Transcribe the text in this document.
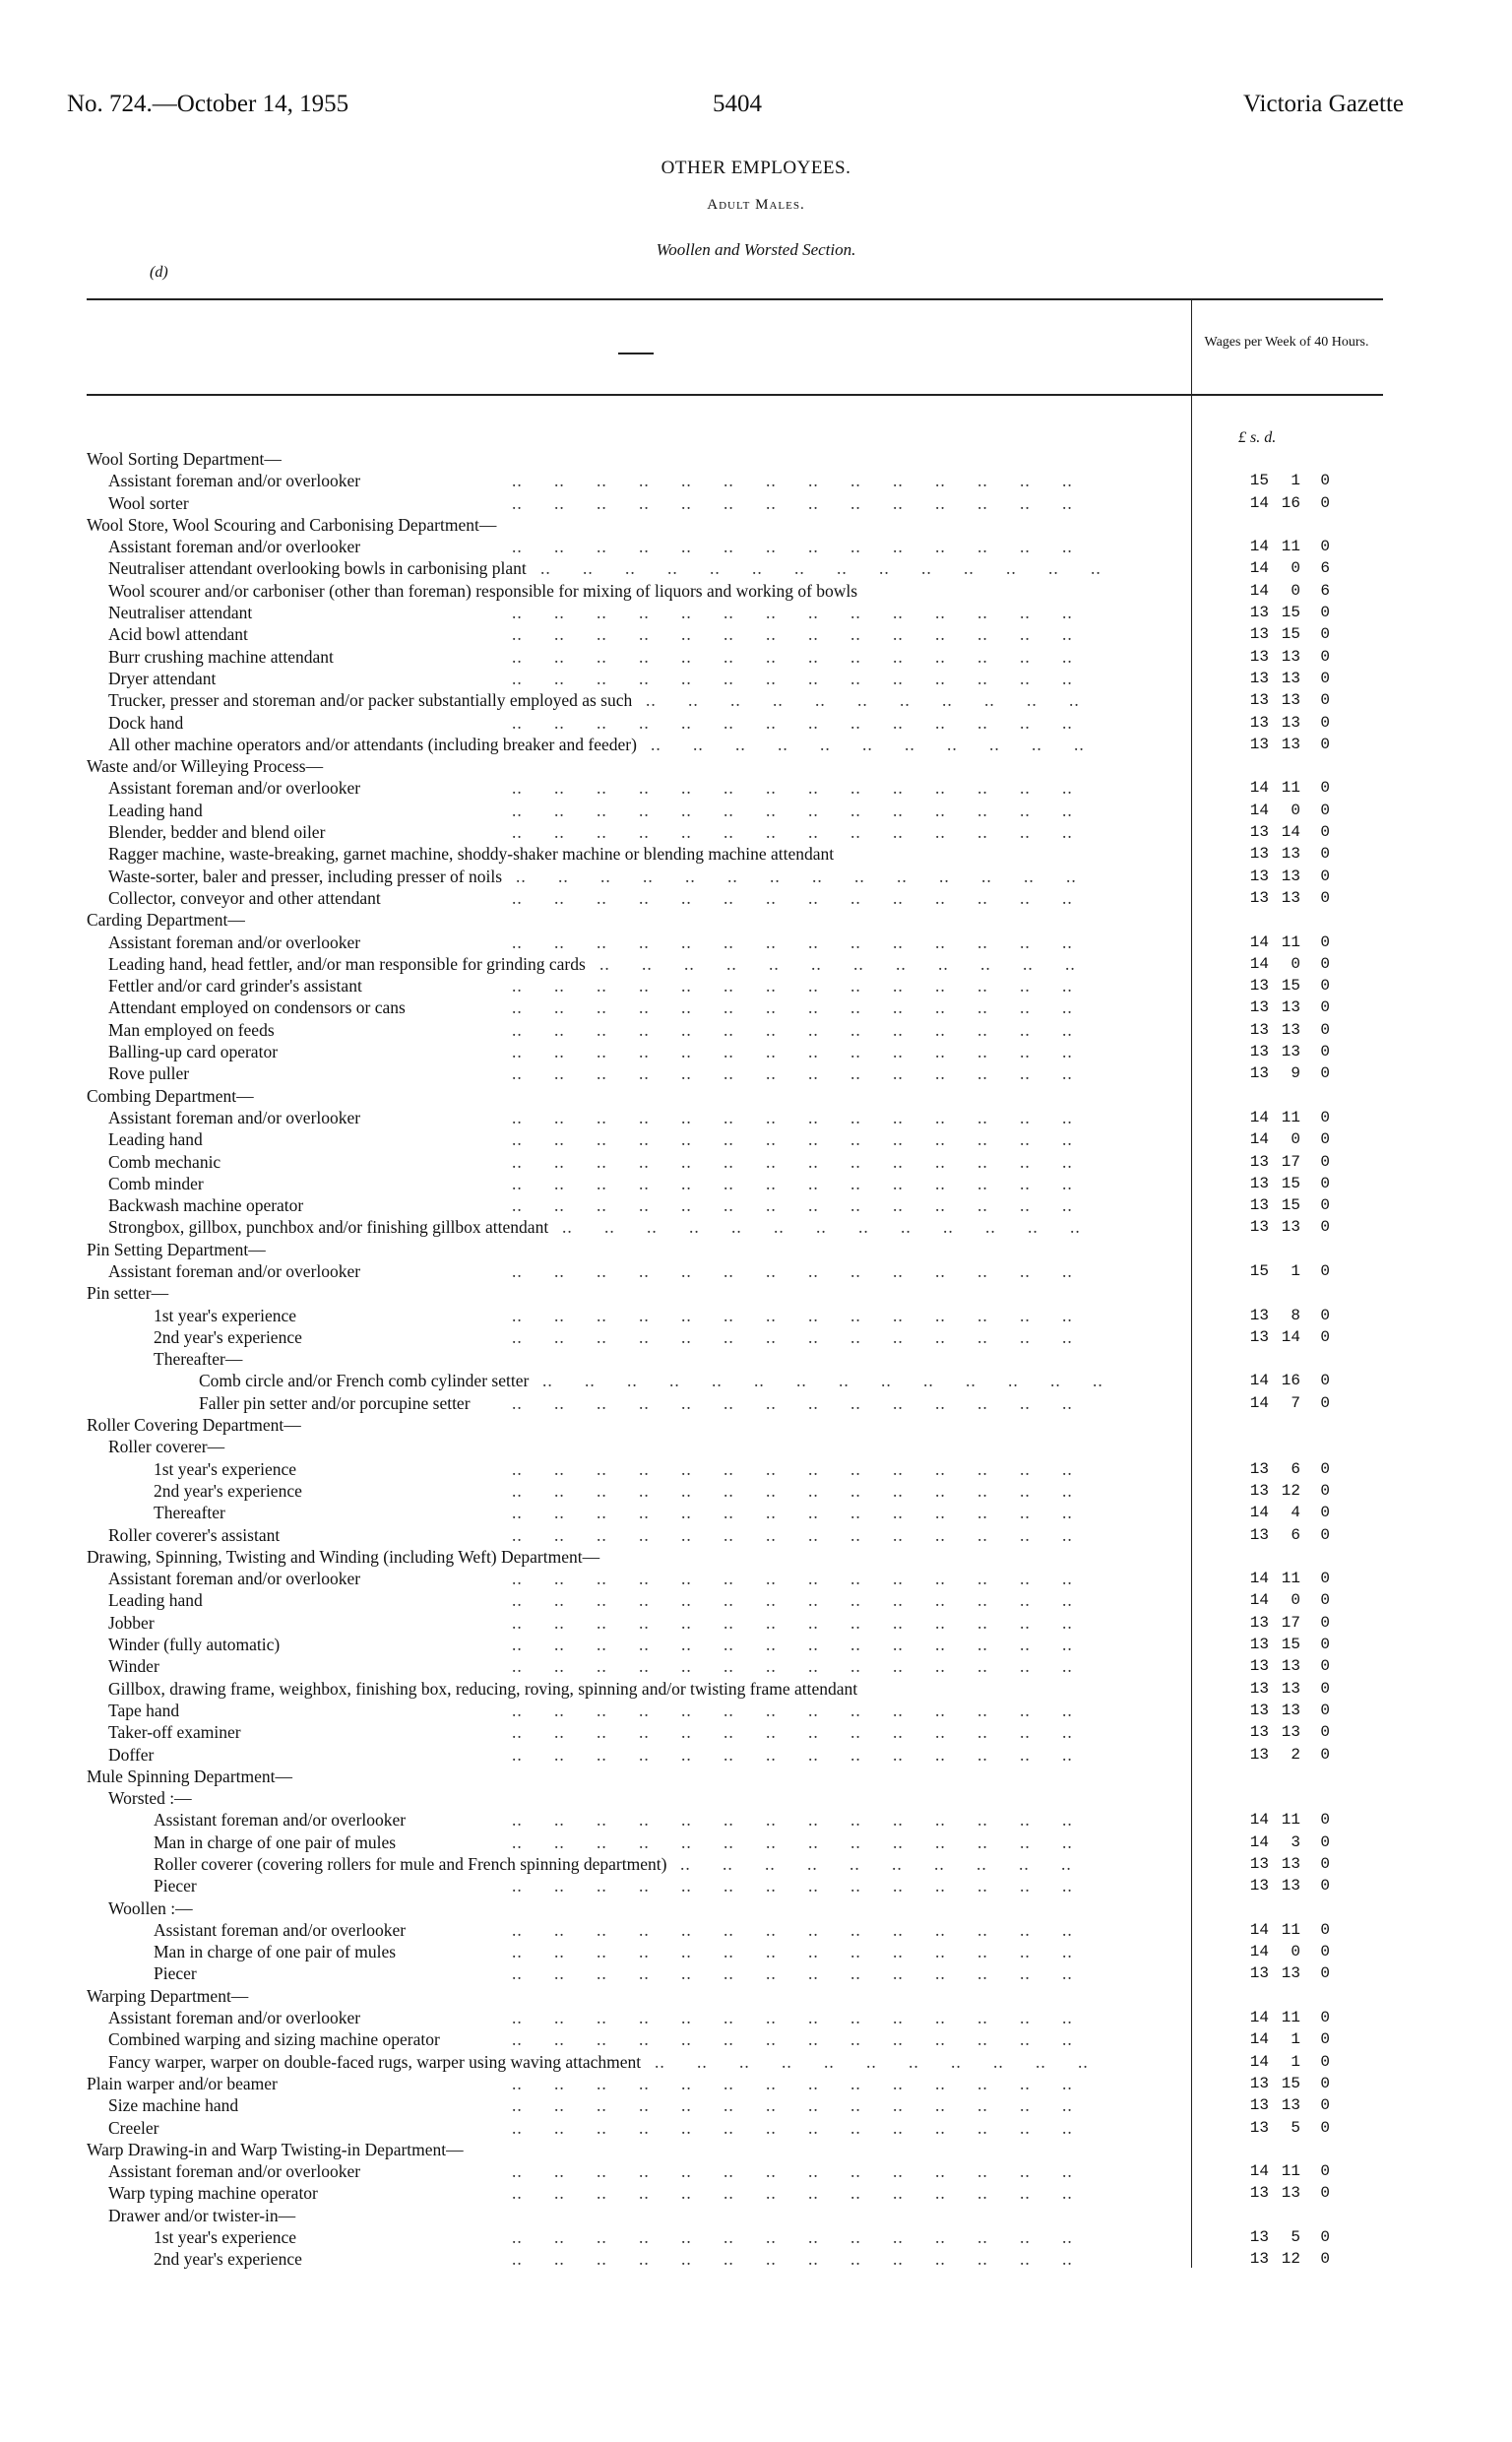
No. 724.—October 14, 1955	5404	Victoria Gazette
OTHER EMPLOYEES.
Adult Males.
Woollen and Worsted Section.
(d)
Wages per Week of 40 Hours.
£ s. d.
Wool Sorting Department—
Assistant foreman and/or overlooker	..      ..      ..      ..      ..      ..      ..      ..      ..      ..      ..      ..      ..      ..	15 1 0
Wool sorter	..      ..      ..      ..      ..      ..      ..      ..      ..      ..      ..      ..      ..      ..	14 16 0
Wool Store, Wool Scouring and Carbonising Department—
Assistant foreman and/or overlooker	..      ..      ..      ..      ..      ..      ..      ..      ..      ..      ..      ..      ..      ..	14 11 0
Neutraliser attendant overlooking bowls in carbonising plant ..      ..      ..      ..      ..      ..      ..      ..      ..      ..      ..      ..      ..      ..	14 0 6
Wool scourer and/or carboniser (other than foreman) responsible for mixing of liquors and working of bowls	14 0 6
Neutraliser attendant	..      ..      ..      ..      ..      ..      ..      ..      ..      ..      ..      ..      ..      ..	13 15 0
Acid bowl attendant	..      ..      ..      ..      ..      ..      ..      ..      ..      ..      ..      ..      ..      ..	13 15 0
Burr crushing machine attendant	..      ..      ..      ..      ..      ..      ..      ..      ..      ..      ..      ..      ..      ..	13 13 0
Dryer attendant	..      ..      ..      ..      ..      ..      ..      ..      ..      ..      ..      ..      ..      ..	13 13 0
Trucker, presser and storeman and/or packer substantially employed as such ..      ..      ..      ..      ..      ..      ..      ..      ..      ..      ..	13 13 0
Dock hand	..      ..      ..      ..      ..      ..      ..      ..      ..      ..      ..      ..      ..      ..	13 13 0
All other machine operators and/or attendants (including breaker and feeder) ..      ..      ..      ..      ..      ..      ..      ..      ..      ..      ..	13 13 0
Waste and/or Willeying Process—
Assistant foreman and/or overlooker	..      ..      ..      ..      ..      ..      ..      ..      ..      ..      ..      ..      ..      ..	14 11 0
Leading hand	..      ..      ..      ..      ..      ..      ..      ..      ..      ..      ..      ..      ..      ..	14 0 0
Blender, bedder and blend oiler	..      ..      ..      ..      ..      ..      ..      ..      ..      ..      ..      ..      ..      ..	13 14 0
Ragger machine, waste-breaking, garnet machine, shoddy-shaker machine or blending machine attendant	13 13 0
Waste-sorter, baler and presser, including presser of noils ..      ..      ..      ..      ..      ..      ..      ..      ..      ..      ..      ..      ..      ..	13 13 0
Collector, conveyor and other attendant	..      ..      ..      ..      ..      ..      ..      ..      ..      ..      ..      ..      ..      ..	13 13 0
Carding Department—
Assistant foreman and/or overlooker	..      ..      ..      ..      ..      ..      ..      ..      ..      ..      ..      ..      ..      ..	14 11 0
Leading hand, head fettler, and/or man responsible for grinding cards ..      ..      ..      ..      ..      ..      ..      ..      ..      ..      ..      ..	14 0 0
Fettler and/or card grinder's assistant	..      ..      ..      ..      ..      ..      ..      ..      ..      ..      ..      ..      ..      ..	13 15 0
Attendant employed on condensors or cans	..      ..      ..      ..      ..      ..      ..      ..      ..      ..      ..      ..      ..      ..	13 13 0
Man employed on feeds	..      ..      ..      ..      ..      ..      ..      ..      ..      ..      ..      ..      ..      ..	13 13 0
Balling-up card operator	..      ..      ..      ..      ..      ..      ..      ..      ..      ..      ..      ..      ..      ..	13 13 0
Rove puller	..      ..      ..      ..      ..      ..      ..      ..      ..      ..      ..      ..      ..      ..	13 9 0
Combing Department—
Assistant foreman and/or overlooker	..      ..      ..      ..      ..      ..      ..      ..      ..      ..      ..      ..      ..      ..	14 11 0
Leading hand	..      ..      ..      ..      ..      ..      ..      ..      ..      ..      ..      ..      ..      ..	14 0 0
Comb mechanic	..      ..      ..      ..      ..      ..      ..      ..      ..      ..      ..      ..      ..      ..	13 17 0
Comb minder	..      ..      ..      ..      ..      ..      ..      ..      ..      ..      ..      ..      ..      ..	13 15 0
Backwash machine operator	..      ..      ..      ..      ..      ..      ..      ..      ..      ..      ..      ..      ..      ..	13 15 0
Strongbox, gillbox, punchbox and/or finishing gillbox attendant ..      ..      ..      ..      ..      ..      ..      ..      ..      ..      ..      ..      ..	13 13 0
Pin Setting Department—
Assistant foreman and/or overlooker	..      ..      ..      ..      ..      ..      ..      ..      ..      ..      ..      ..      ..      ..	15 1 0
Pin setter—
1st year's experience	..      ..      ..      ..      ..      ..      ..      ..      ..      ..      ..      ..      ..      ..	13 8 0
2nd year's experience	..      ..      ..      ..      ..      ..      ..      ..      ..      ..      ..      ..      ..      ..	13 14 0
Thereafter—
Comb circle and/or French comb cylinder setter ..      ..      ..      ..      ..      ..      ..      ..      ..      ..      ..      ..      ..      ..	14 16 0
Faller pin setter and/or porcupine setter ..      ..      ..      ..      ..      ..      ..      ..      ..      ..      ..      ..      ..      ..	14 7 0
Roller Covering Department—
Roller coverer—
1st year's experience	..      ..      ..      ..      ..      ..      ..      ..      ..      ..      ..      ..      ..      ..	13 6 0
2nd year's experience	..      ..      ..      ..      ..      ..      ..      ..      ..      ..      ..      ..      ..      ..	13 12 0
Thereafter	..      ..      ..      ..      ..      ..      ..      ..      ..      ..      ..      ..      ..      ..	14 4 0
Roller coverer's assistant	..      ..      ..      ..      ..      ..      ..      ..      ..      ..      ..      ..      ..      ..	13 6 0
Drawing, Spinning, Twisting and Winding (including Weft) Department—
Assistant foreman and/or overlooker	..      ..      ..      ..      ..      ..      ..      ..      ..      ..      ..      ..      ..      ..	14 11 0
Leading hand	..      ..      ..      ..      ..      ..      ..      ..      ..      ..      ..      ..      ..      ..	14 0 0
Jobber	..      ..      ..      ..      ..      ..      ..      ..      ..      ..      ..      ..      ..      ..	13 17 0
Winder (fully automatic)	..      ..      ..      ..      ..      ..      ..      ..      ..      ..      ..      ..      ..      ..	13 15 0
Winder	..      ..      ..      ..      ..      ..      ..      ..      ..      ..      ..      ..      ..      ..	13 13 0
Gillbox, drawing frame, weighbox, finishing box, reducing, roving, spinning and/or twisting frame attendant	13 13 0
Tape hand	..      ..      ..      ..      ..      ..      ..      ..      ..      ..      ..      ..      ..      ..	13 13 0
Taker-off examiner	..      ..      ..      ..      ..      ..      ..      ..      ..      ..      ..      ..      ..      ..	13 13 0
Doffer	..      ..      ..      ..      ..      ..      ..      ..      ..      ..      ..      ..      ..      ..	13 2 0
Mule Spinning Department—
Worsted :—
Assistant foreman and/or overlooker	..      ..      ..      ..      ..      ..      ..      ..      ..      ..      ..      ..      ..      ..	14 11 0
Man in charge of one pair of mules	..      ..      ..      ..      ..      ..      ..      ..      ..      ..      ..      ..      ..      ..	14 3 0
Roller coverer (covering rollers for mule and French spinning department) ..      ..      ..      ..      ..      ..      ..      ..      ..      ..	13 13 0
Piecer	..      ..      ..      ..      ..      ..      ..      ..      ..      ..      ..      ..      ..      ..	13 13 0
Woollen :—
Assistant foreman and/or overlooker	..      ..      ..      ..      ..      ..      ..      ..      ..      ..      ..      ..      ..      ..	14 11 0
Man in charge of one pair of mules	..      ..      ..      ..      ..      ..      ..      ..      ..      ..      ..      ..      ..      ..	14 0 0
Piecer	..      ..      ..      ..      ..      ..      ..      ..      ..      ..      ..      ..      ..      ..	13 13 0
Warping Department—
Assistant foreman and/or overlooker	..      ..      ..      ..      ..      ..      ..      ..      ..      ..      ..      ..      ..      ..	14 11 0
Combined warping and sizing machine operator	..      ..      ..      ..      ..      ..      ..      ..      ..      ..      ..      ..      ..      ..	14 1 0
Fancy warper, warper on double-faced rugs, warper using waving attachment ..      ..      ..      ..      ..      ..      ..      ..      ..      ..      ..	14 1 0
Plain warper and/or beamer	..      ..      ..      ..      ..      ..      ..      ..      ..      ..      ..      ..      ..      ..	13 15 0
Size machine hand	..      ..      ..      ..      ..      ..      ..      ..      ..      ..      ..      ..      ..      ..	13 13 0
Creeler	..      ..      ..      ..      ..      ..      ..      ..      ..      ..      ..      ..      ..      ..	13 5 0
Warp Drawing-in and Warp Twisting-in Department—
Assistant foreman and/or overlooker	..      ..      ..      ..      ..      ..      ..      ..      ..      ..      ..      ..      ..      ..	14 11 0
Warp typing machine operator	..      ..      ..      ..      ..      ..      ..      ..      ..      ..      ..      ..      ..      ..	13 13 0
Drawer and/or twister-in—
1st year's experience	..      ..      ..      ..      ..      ..      ..      ..      ..      ..      ..      ..      ..      ..	13 5 0
2nd year's experience	..      ..      ..      ..      ..      ..      ..      ..      ..      ..      ..      ..      ..      ..	13 12 0
